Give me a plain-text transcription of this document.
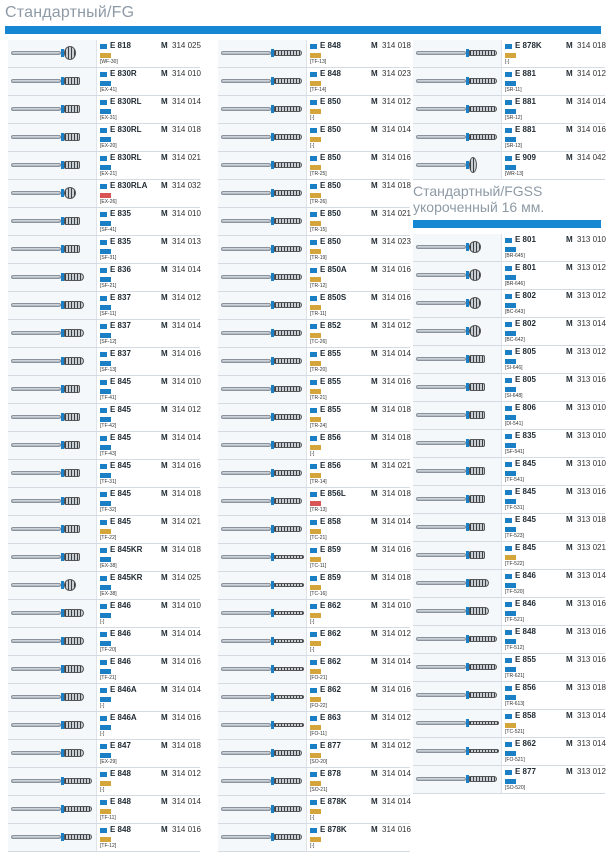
Стандартный/FG
E 818	M 314 025
[WF-30]
E 830R	M 314 010
[EX-41]
E 830RL M 314 014
[EX-31]
E 830RL M 314 018
[EX-20]
E 830RL M 314 021
[EX-21]
E 830RLA M 314 032
[EX-26]
E 835	M 314 010
[SF-41]
E 835	M 314 013
[SF-31]
E 836	M 314 014
[SF-21]
E 837	M 314 012
[SF-11]
E 837	M 314 014
[SF-12]
E 837	M 314 016
[SF-13]
E 845	M 314 010
[TF-41]
E 845	M 314 012
[TF-42]
E 845	M 314 014
[TF-43]
E 845	M 314 016
[TF-31]
E 845	M 314 018
[TF-32]
E 845	M 314 021
[TF-22]
E 845KR M 314 018
[EX-38]
E 845KR M 314 025
[EX-38]
E 846	M 314 010
[-]
E 846	M 314 014
[TF-20]
E 846	M 314 016
[TF-21]
E 846A	M 314 014
[-]
E 846A	M 314 016
[-]
E 847	M 314 018
[EX-29]
E 848	M 314 012
[-]
E 848	M 314 014
[TF-11]
E 848	M 314 016
[TF-12]
E 848	M 314 018
[TF-13]
E 848	M 314 023
[TF-14]
E 850	M 314 012
[-]
E 850	M 314 014
[-]
E 850	M 314 016
[TR-25]
E 850	M 314 018
[TR-26]
E 850	M 314 021
[TR-15]
E 850	M 314 023
[TR-19]
E 850A	M 314 016
[TR-12]
E 850S	M 314 016
[TR-11]
E 852	M 314 012
[TC-26]
E 855	M 314 014
[TR-20]
E 855	M 314 016
[TR-21]
E 855	M 314 018
[TR-24]
E 856	M 314 018
[-]
E 856	M 314 021
[TR-14]
E 856L	M 314 018
[TR-13]
E 858	M 314 014
[TC-21]
E 859	M 314 016
[TC-11]
E 859	M 314 018
[TC-16]
E 862	M 314 010
[-]
E 862	M 314 012
[-]
E 862	M 314 014
[FO-21]
E 862	M 314 016
[FO-22]
E 863	M 314 012
[FO-11]
E 877	M 314 012
[SO-20]
E 878	M 314 014
[SO-21]
E 878K	M 314 014
[-]
E 878K	M 314 016
[-]
E 878K	M 314 018
[-]
E 881	M 314 012
[SR-11]
E 881	M 314 014
[SR-12]
E 881	M 314 016
[SR-13]
E 909	M 314 042
[WR-13]
Стандартный/FGSS
укороченный 16 мм.
E 801	M 313 010
[BR-645]
E 801	M 313 012
[BR-646]
E 802	M 313 012
[BC-643]
E 802	M 313 014
[BC-642]
E 805	M 313 012
[SI-646]
E 805	M 313 016
[SI-648]
E 806	M 313 010
[DI-541]
E 835	M 313 010
[SF-541]
E 845	M 313 010
[TF-541]
E 845	M 313 016
[TF-531]
E 845	M 313 018
[TF-523]
E 845	M 313 021
[TF-522]
E 846	M 313 014
[TF-520]
E 846	M 313 016
[TF-521]
E 848	M 313 016
[TF-512]
E 855	M 313 016
[TR-621]
E 856	M 313 018
[TR-613]
E 858	M 313 014
[TC-521]
E 862	M 313 014
[FO-521]
E 877	M 313 012
[SO-520]
